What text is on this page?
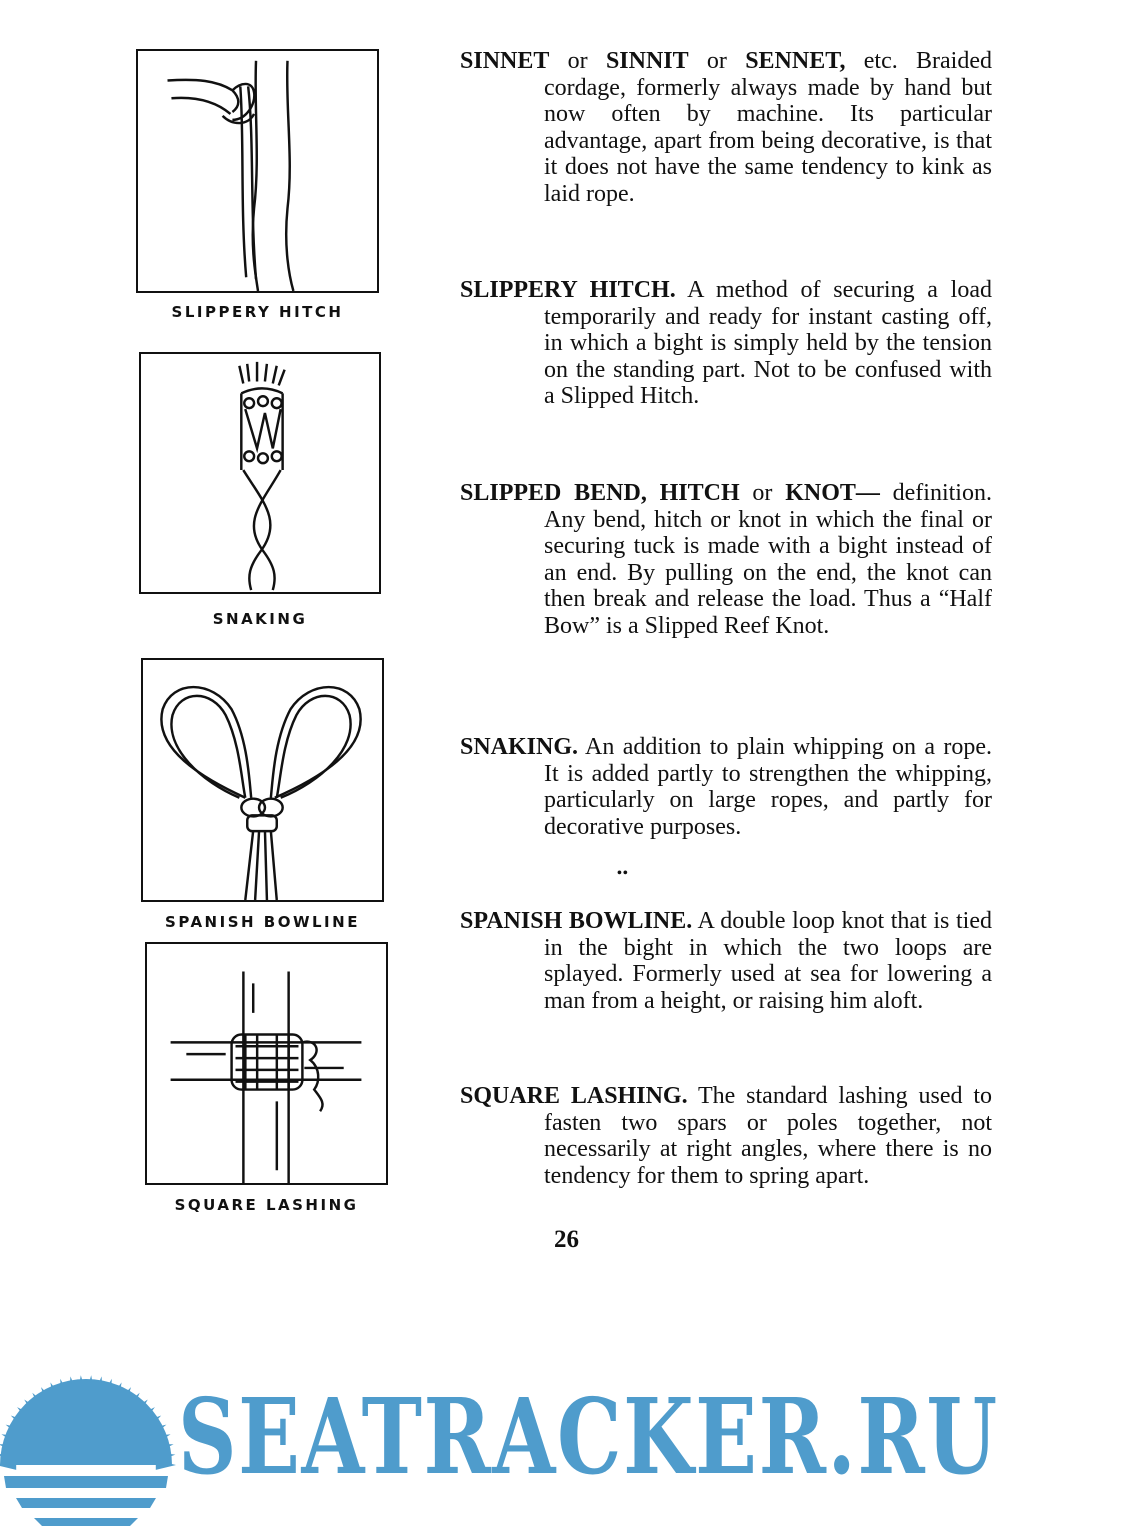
SLIPPERY HITCH
SNAKING
SPANISH BOWLINE
SQUARE LASHING

SINNET or SINNIT or SENNET, etc. Braided cordage, formerly always made by hand but now often by machine. Its particular advantage, apart from being decorative, is that it does not have the same tendency to kink as laid rope.

SLIPPERY HITCH. A method of securing a load temporarily and ready for instant casting off, in which a bight is simply held by the tension on the standing part. Not to be confused with a Slipped Hitch.

SLIPPED BEND, HITCH or KNOT— definition. Any bend, hitch or knot in which the final or securing tuck is made with a bight instead of an end. By pulling on the end, the knot can then break and release the load. Thus a “Half Bow” is a Slipped Reef Knot.

SNAKING. An addition to plain whipping on a rope. It is added partly to strengthen the whipping, particularly on large ropes, and partly for decorative purposes.

••

SPANISH BOWLINE. A double loop knot that is tied in the bight in which the two loops are splayed. Formerly used at sea for lowering a man from a height, or raising him aloft.

SQUARE LASHING. The standard lashing used to fasten two spars or poles together, not necessarily at right angles, where there is no tendency for them to spring apart.

26
SEATRACKER.RU
